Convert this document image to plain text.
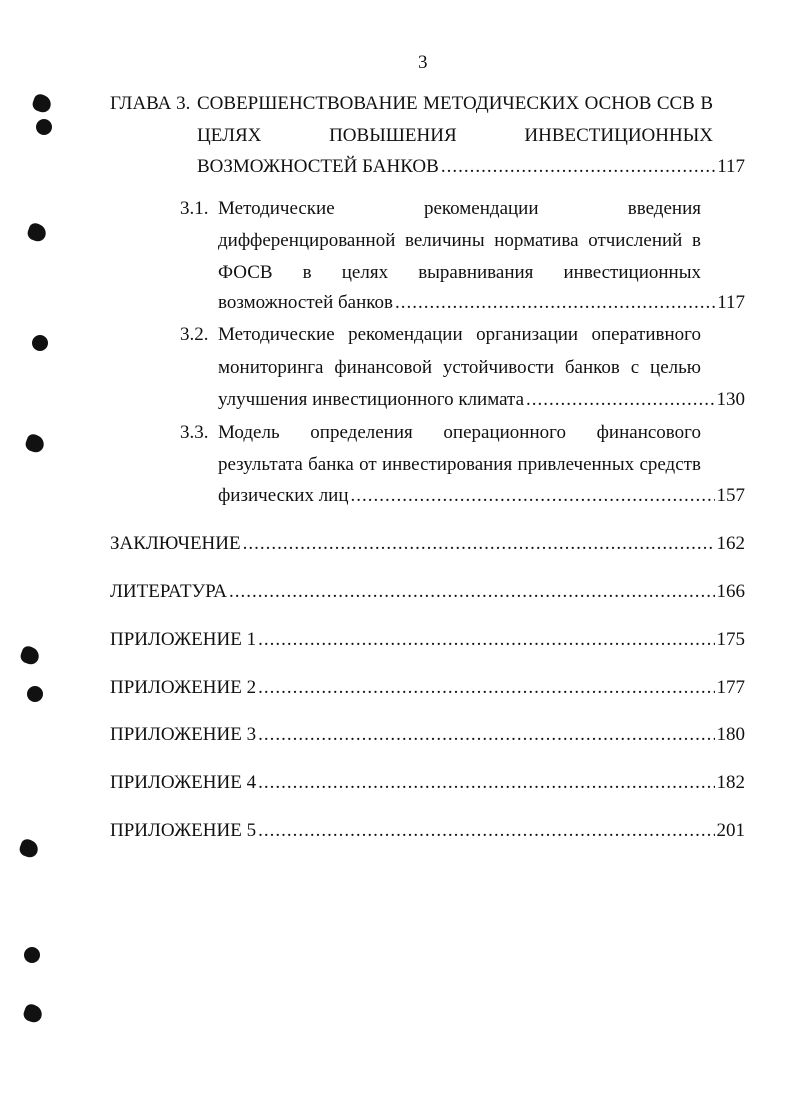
3
ГЛАВА 3. СОВЕРШЕНСТВОВАНИЕ МЕТОДИЧЕСКИХ ОСНОВ ССВ В
ЦЕЛЯХ	ПОВЫШЕНИЯ	ИНВЕСТИЦИОННЫХ
ВОЗМОЖНОСТЕЙ БАНКОВ .....	117
3.1. Методические	рекомендации	введения
дифференцированной величины норматива отчислений в
ФОСВ в целях выравнивания инвестиционных
возможностей банков .....	117
3.2. Методические рекомендации организации оперативного
мониторинга финансовой устойчивости банков с целью
улучшения инвестиционного климата .....	130
3.3. Модель определения операционного финансового
результата банка от инвестирования привлеченных средств
физических лиц .....	157
ЗАКЛЮЧЕНИЕ .....	162
ЛИТЕРАТУРА .....	166
ПРИЛОЖЕНИЕ 1 .....	175
ПРИЛОЖЕНИЕ 2 .....	177
ПРИЛОЖЕНИЕ 3 .....	180
ПРИЛОЖЕНИЕ 4 .....	182
ПРИЛОЖЕНИЕ 5 .....	201
